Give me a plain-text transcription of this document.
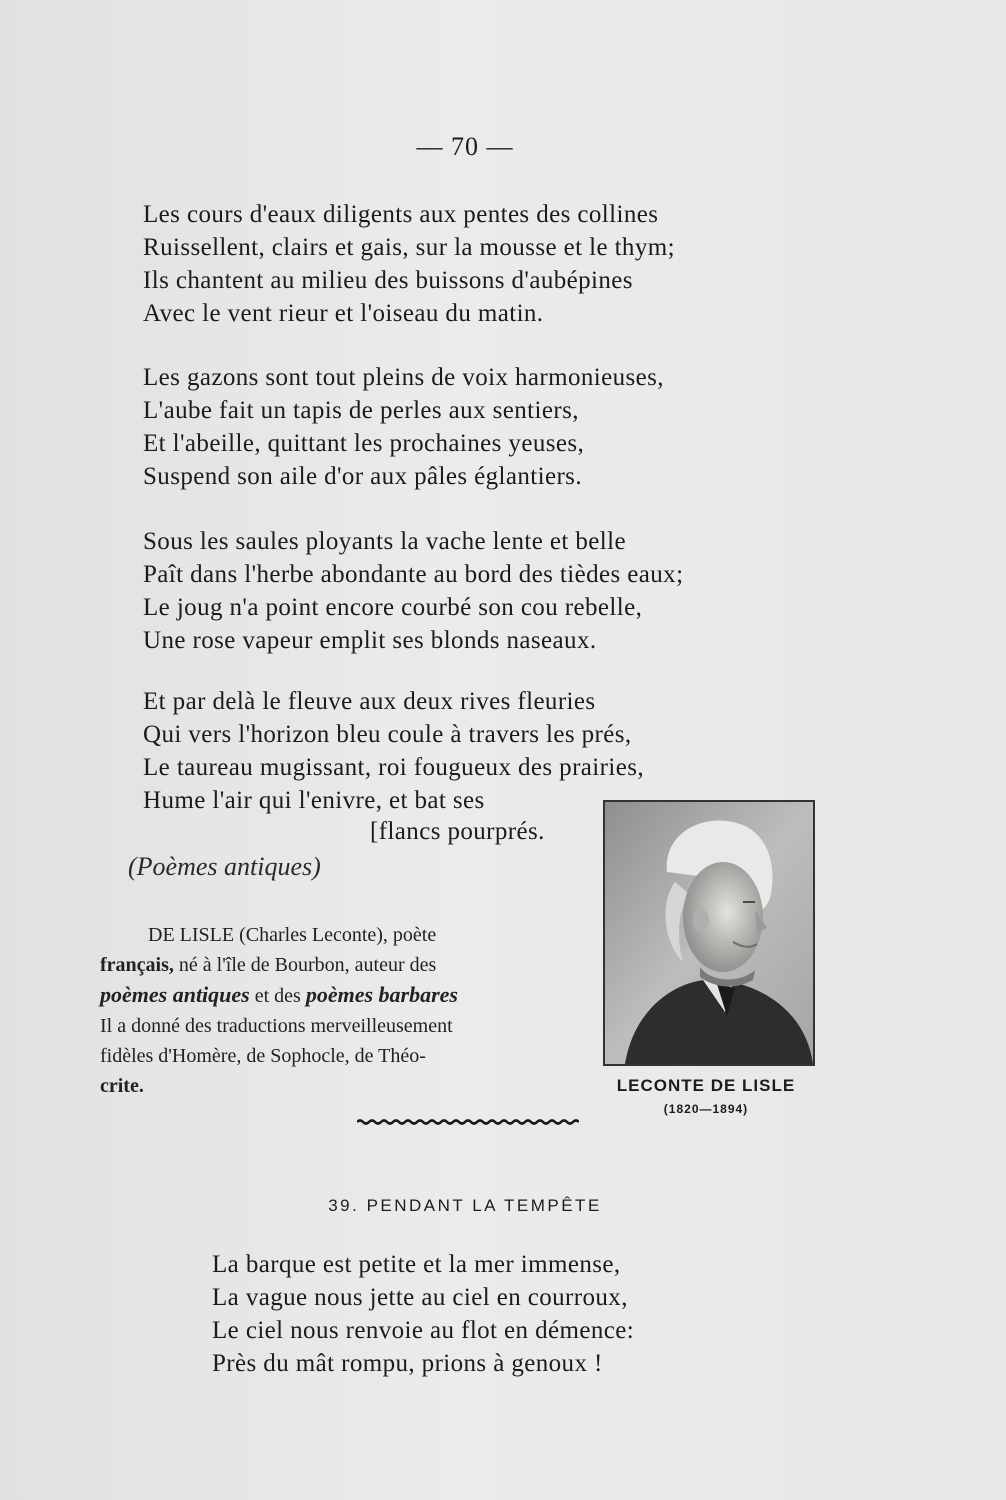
— 70 —
Les cours d'eaux diligents aux pentes des collines
Ruissellent, clairs et gais, sur la mousse et le thym;
Ils chantent au milieu des buissons d'aubépines
Avec le vent rieur et l'oiseau du matin.
Les gazons sont tout pleins de voix harmonieuses,
L'aube fait un tapis de perles aux sentiers,
Et l'abeille, quittant les prochaines yeuses,
Suspend son aile d'or aux pâles églantiers.
Sous les saules ployants la vache lente et belle
Paît dans l'herbe abondante au bord des tièdes eaux;
Le joug n'a point encore courbé son cou rebelle,
Une rose vapeur emplit ses blonds naseaux.
Et par delà le fleuve aux deux rives fleuries
Qui vers l'horizon bleu coule à travers les prés,
Le taureau mugissant, roi fougueux des prairies,
Hume l'air qui l'enivre, et bat ses
[flancs pourprés.
(Poèmes antiques)
DE LISLE (Charles Leconte), poète
français, né à l'île de Bourbon, auteur des
poèmes antiques et des poèmes barbares
Il a donné des traductions merveilleusement
fidèles d'Homère, de Sophocle, de Théo-
crite.	LECONTE DE LISLE
(1820—1894)
39. PENDANT LA TEMPÊTE
La barque est petite et la mer immense,
La vague nous jette au ciel en courroux,
Le ciel nous renvoie au flot en démence:
Près du mât rompu, prions à genoux !
